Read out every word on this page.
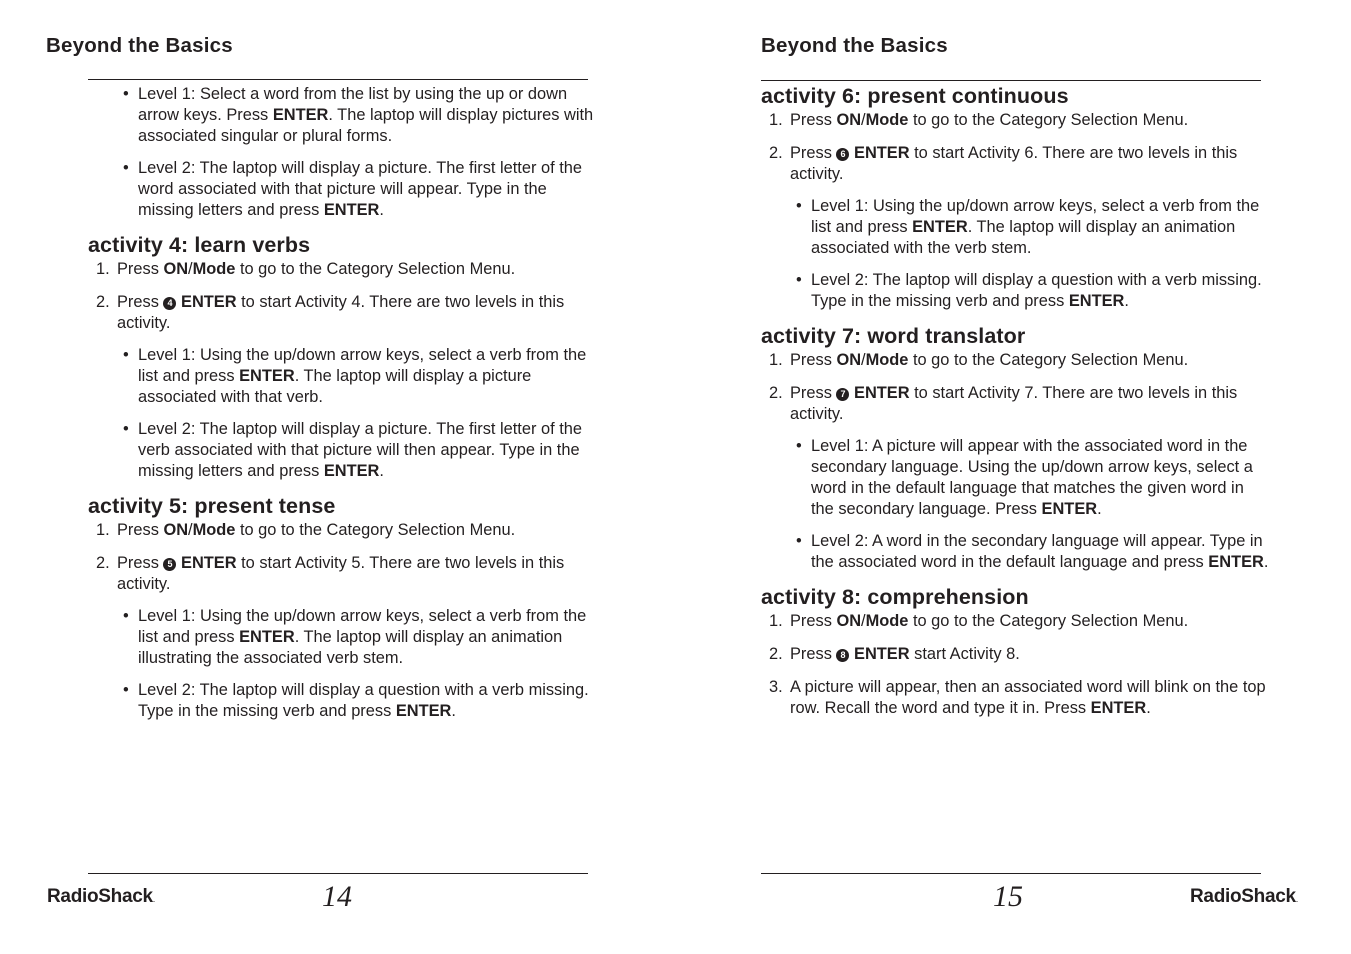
Beyond the Basics
• Level 1: Select a word from the list by using the up or down arrow keys. Press ENTER. The laptop will display pictures with associated singular or plural forms.
• Level 2: The laptop will display a picture. The first letter of the word associated with that picture will appear. Type in the missing letters and press ENTER.
activity 4: learn verbs
1. Press ON/Mode to go to the Category Selection Menu.
2. Press 4 ENTER to start Activity 4. There are two levels in this activity.
• Level 1: Using the up/down arrow keys, select a verb from the list and press ENTER. The laptop will display a picture associated with that verb.
• Level 2: The laptop will display a picture. The first letter of the verb associated with that picture will then appear. Type in the missing letters and press ENTER.
activity 5: present tense
1. Press ON/Mode to go to the Category Selection Menu.
2. Press 5 ENTER to start Activity 5. There are two levels in this activity.
• Level 1: Using the up/down arrow keys, select a verb from the list and press ENTER. The laptop will display an animation illustrating the associated verb stem.
• Level 2: The laptop will display a question with a verb missing. Type in the missing verb and press ENTER.
RadioShack.	14
Beyond the Basics
activity 6: present continuous
1. Press ON/Mode to go to the Category Selection Menu.
2. Press 6 ENTER to start Activity 6. There are two levels in this activity.
• Level 1: Using the up/down arrow keys, select a verb from the list and press ENTER. The laptop will display an animation associated with the verb stem.
• Level 2: The laptop will display a question with a verb missing. Type in the missing verb and press ENTER.
activity 7: word translator
1. Press ON/Mode to go to the Category Selection Menu.
2. Press 7 ENTER to start Activity 7. There are two levels in this activity.
• Level 1: A picture will appear with the associated word in the secondary language. Using the up/down arrow keys, select a word in the default language that matches the given word in the secondary language. Press ENTER.
• Level 2: A word in the secondary language will appear. Type in the associated word in the default language and press ENTER.
activity 8: comprehension
1. Press ON/Mode to go to the Category Selection Menu.
2. Press 8 ENTER start Activity 8.
3. A picture will appear, then an associated word will blink on the top row. Recall the word and type it in. Press ENTER.
15	RadioShack.
